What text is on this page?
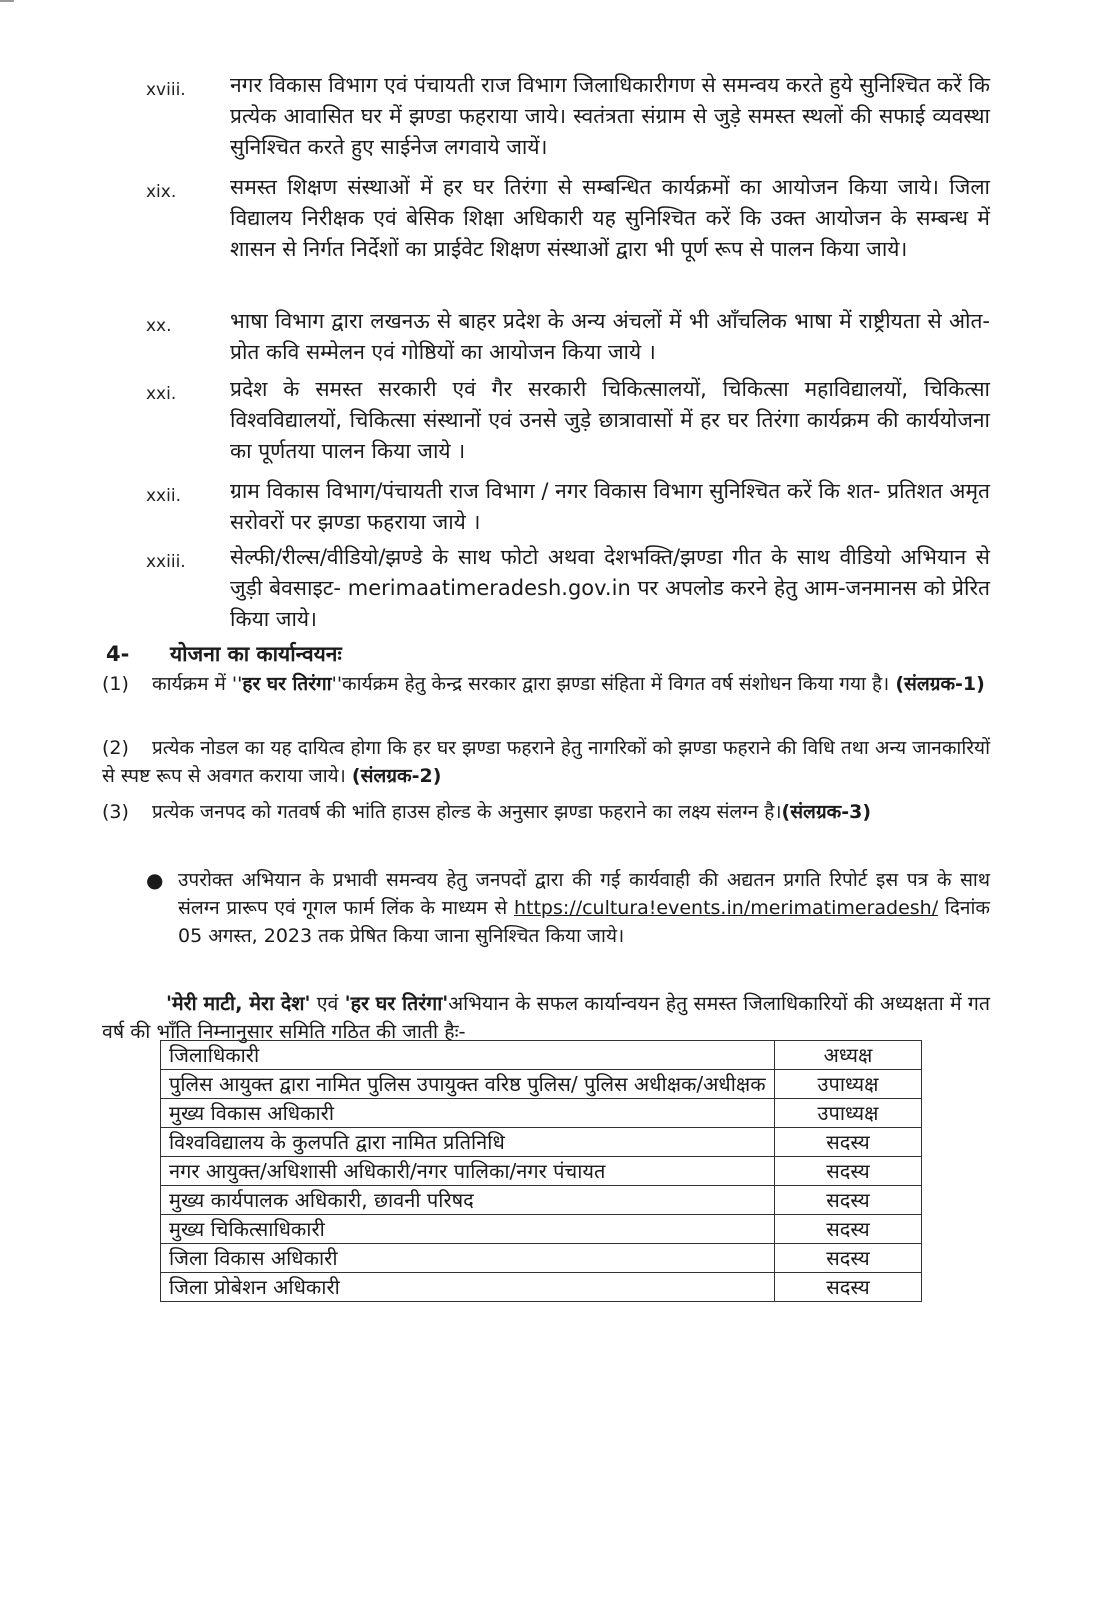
xviii.	नगर विकास विभाग एवं पंचायती राज विभाग जिलाधिकारीगण से समन्वय करते हुये सुनिश्चित करें कि प्रत्येक आवासित घर में झण्डा फहराया जाये। स्वतंत्रता संग्राम से जुड़े समस्त स्थलों की सफाई व्यवस्था सुनिश्चित करते हुए साईनेज लगवाये जायें।
xix.	समस्त शिक्षण संस्थाओं में हर घर तिरंगा से सम्बन्धित कार्यक्रमों का आयोजन किया जाये। जिला विद्यालय निरीक्षक एवं बेसिक शिक्षा अधिकारी यह सुनिश्चित करें कि उक्त आयोजन के सम्बन्ध में शासन से निर्गत निर्देशों का प्राईवेट शिक्षण संस्थाओं द्वारा भी पूर्ण रूप से पालन किया जाये।
xx.	भाषा विभाग द्वारा लखनऊ से बाहर प्रदेश के अन्य अंचलों में भी आँचलिक भाषा में राष्ट्रीयता से ओत-प्रोत कवि सम्मेलन एवं गोष्ठियों का आयोजन किया जाये ।
xxi.	प्रदेश के समस्त सरकारी एवं गैर सरकारी चिकित्सालयों, चिकित्सा महाविद्यालयों, चिकित्सा विश्वविद्यालयों, चिकित्सा संस्थानों एवं उनसे जुड़े छात्रावासों में हर घर तिरंगा कार्यक्रम की कार्ययोजना का पूर्णतया पालन किया जाये ।
xxii.	ग्राम विकास विभाग/पंचायती राज विभाग / नगर विकास विभाग सुनिश्चित करें कि शत- प्रतिशत अमृत सरोवरों पर झण्डा फहराया जाये ।
xxiii.	सेल्फी/रील्स/वीडियो/झण्डे के साथ फोटो अथवा देशभक्ति/झण्डा गीत के साथ वीडियो अभियान से जुड़ी बेवसाइट- merimaatimeradesh.gov.in पर अपलोड करने हेतु आम-जनमानस को प्रेरित किया जाये।
4- योजना का कार्यान्वयनः
(1) कार्यक्रम में ''हर घर तिरंगा''कार्यक्रम हेतु केन्द्र सरकार द्वारा झण्डा संहिता में विगत वर्ष संशोधन किया गया है। (संलग्रक-1)
(2) प्रत्येक नोडल का यह दायित्व होगा कि हर घर झण्डा फहराने हेतु नागरिकों को झण्डा फहराने की विधि तथा अन्य जानकारियों से स्पष्ट रूप से अवगत कराया जाये। (संलग्रक-2)
(3) प्रत्येक जनपद को गतवर्ष की भांति हाउस होल्ड के अनुसार झण्डा फहराने का लक्ष्य संलग्न है।(संलग्रक-3)
● उपरोक्त अभियान के प्रभावी समन्वय हेतु जनपदों द्वारा की गई कार्यवाही की अद्यतन प्रगति रिपोर्ट इस पत्र के साथ संलग्न प्रारूप एवं गूगल फार्म लिंक के माध्यम से https://cultura!events.in/merimatimeradesh/ दिनांक 05 अगस्त, 2023 तक प्रेषित किया जाना सुनिश्चित किया जाये।
'मेरी माटी, मेरा देश' एवं 'हर घर तिरंगा'अभियान के सफल कार्यान्वयन हेतु समस्त जिलाधिकारियों की अध्यक्षता में गत वर्ष की भाँति निम्नानुसार समिति गठित की जाती हैः-
जिलाधिकारी	अध्यक्ष
पुलिस आयुक्त द्वारा नामित पुलिस उपायुक्त वरिष्ठ पुलिस/ पुलिस अधीक्षक/अधीक्षक	उपाध्यक्ष
मुख्य विकास अधिकारी	उपाध्यक्ष
विश्वविद्यालय के कुलपति द्वारा नामित प्रतिनिधि	सदस्य
नगर आयुक्त/अधिशासी अधिकारी/नगर पालिका/नगर पंचायत	सदस्य
मुख्य कार्यपालक अधिकारी, छावनी परिषद	सदस्य
मुख्य चिकित्साधिकारी	सदस्य
जिला विकास अधिकारी	सदस्य
जिला प्रोबेशन अधिकारी	सदस्य
